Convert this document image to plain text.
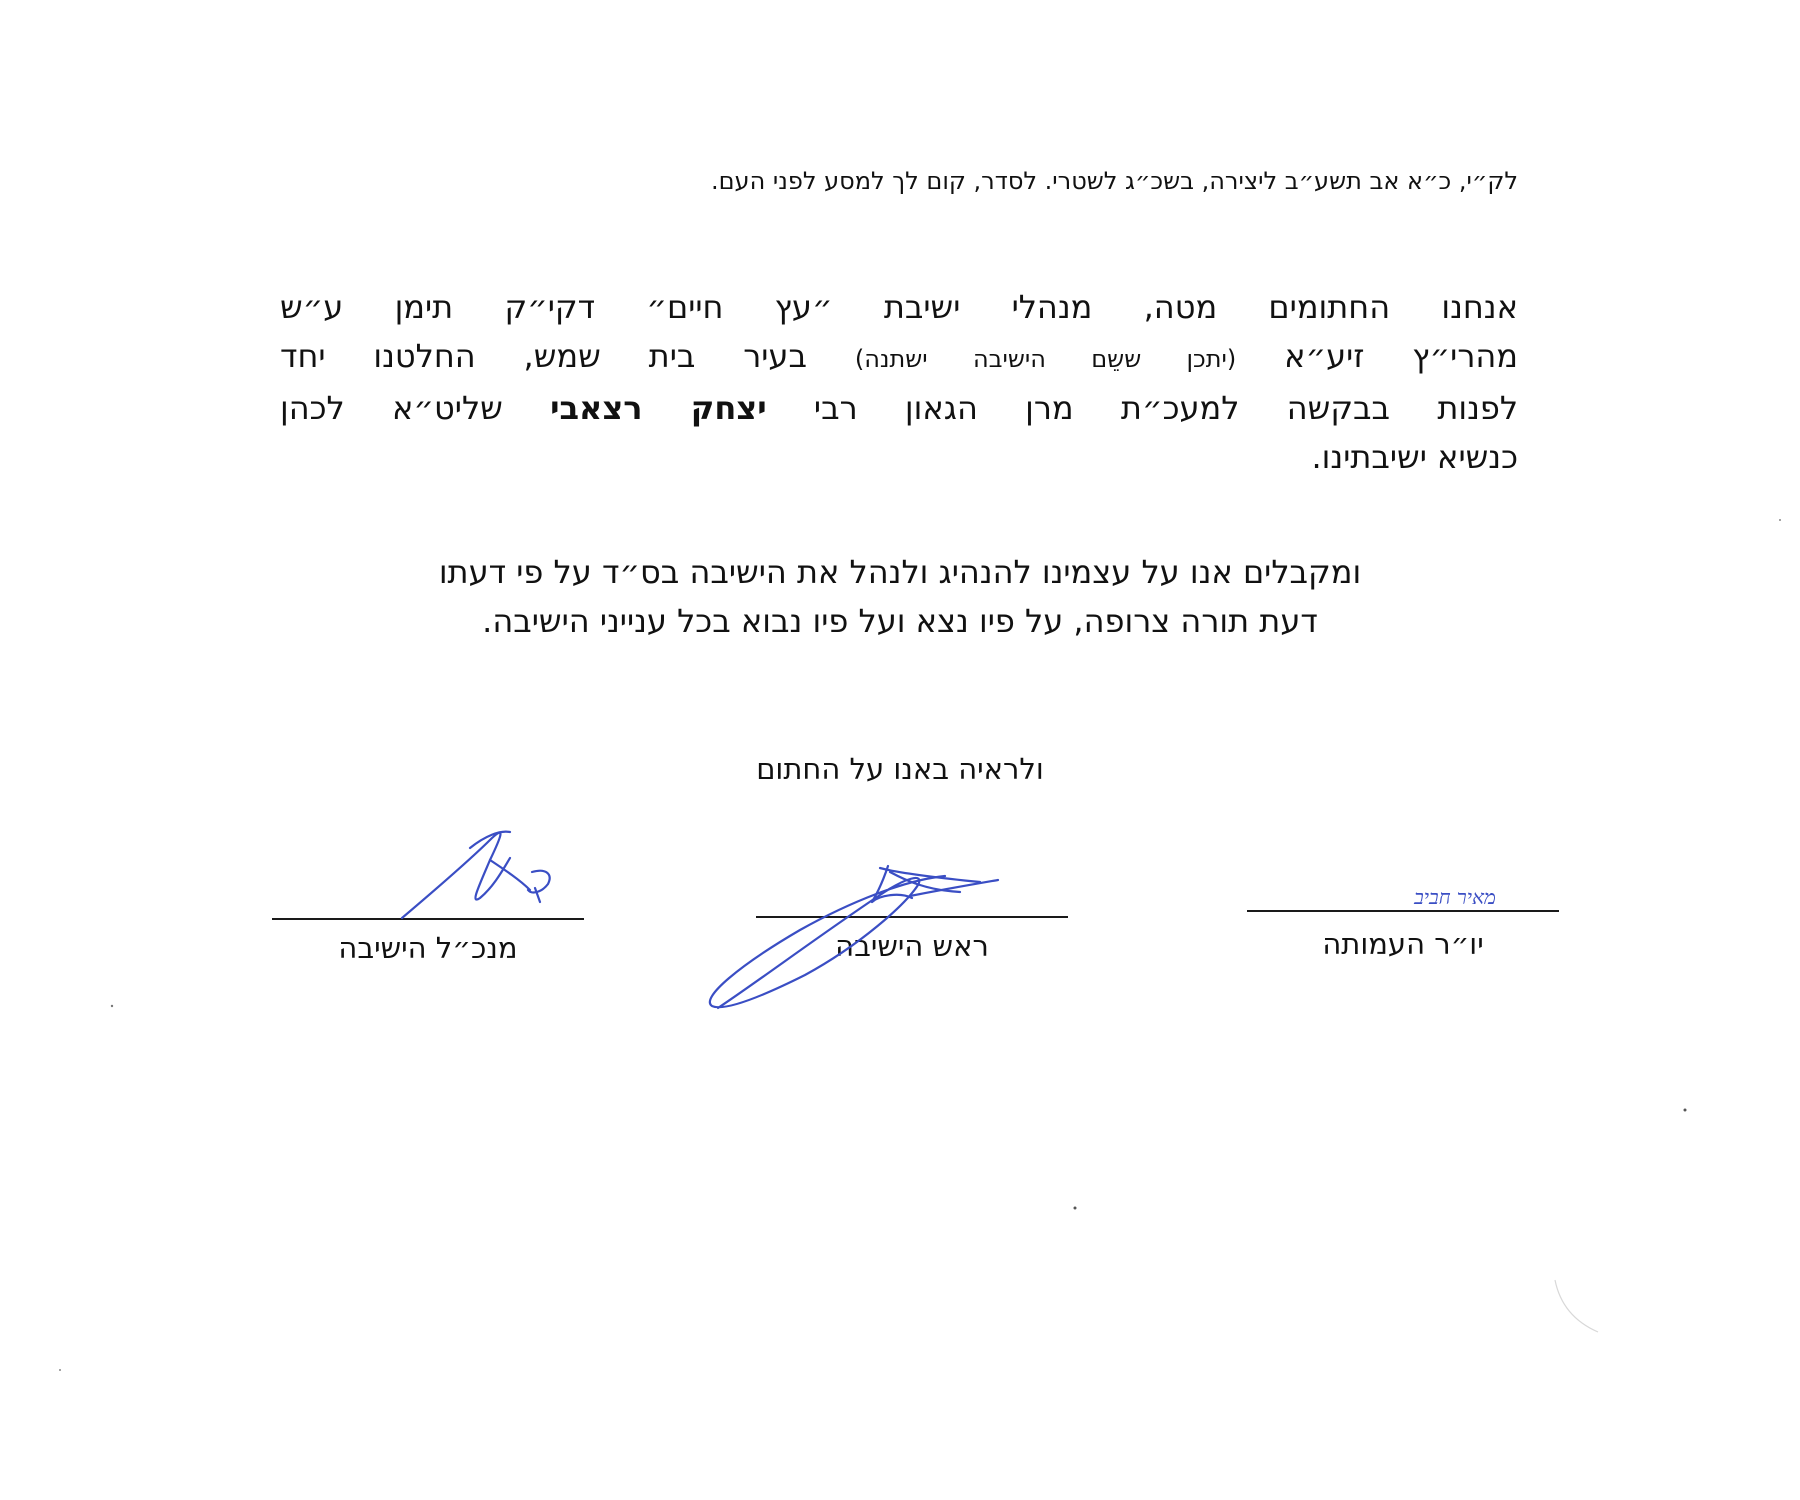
לק״י, כ״א אב תשע״ב ליצירה, בשכ״ג לשטרי. לסדר, קום לך למסע לפני העם.
אנחנו החתומים מטה, מנהלי ישיבת ״עץ חיים״ דקי״ק תימן ע״ש
מהרי״ץ זיע״א (יתכן ששֵם הישיבה ישתנה) בעיר בית שמש, החלטנו יחד
לפנות בבקשה למעכ״ת מרן הגאון רבי יצחק רצאבי שליט״א לכהן
כנשיא ישיבתינו.
ומקבלים אנו על עצמינו להנהיג ולנהל את הישיבה בס״ד על פי דעתו
דעת תורה צרופה, על פיו נצא ועל פיו נבוא בכל ענייני הישיבה.
ולראיה באנו על החתום
יו״ר העמותה
ראש הישיבה
מנכ״ל הישיבה
מאיר חביב
